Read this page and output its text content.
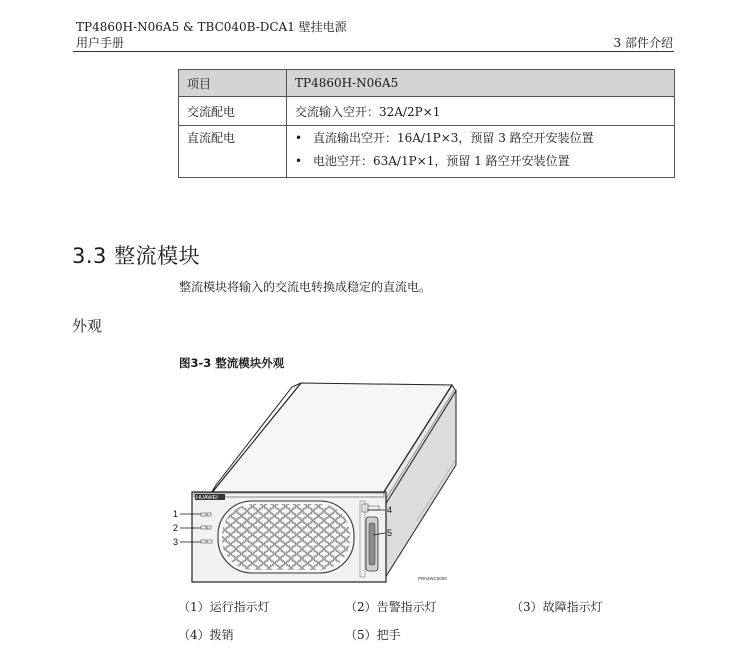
TP4860H-N06A5 & TBC040B-DCA1 壁挂电源
用户手册	3 部件介绍
项目	TP4860H-N06A5
交流配电	交流输入空开：32A/2P×1
直流配电	• 直流输出空开：16A/1P×3，预留 3 路空开安装位置
• 电池空开：63A/1P×1，预留 1 路空开安装位置
3.3 整流模块
整流模块将输入的交流电转换成稳定的直流电。
外观
图3-3 整流模块外观
HUAWEI
1
2
3
4
5
PR04WC0008
（1）运行指示灯	（2）告警指示灯	（3）故障指示灯
（4）拨销	（5）把手
